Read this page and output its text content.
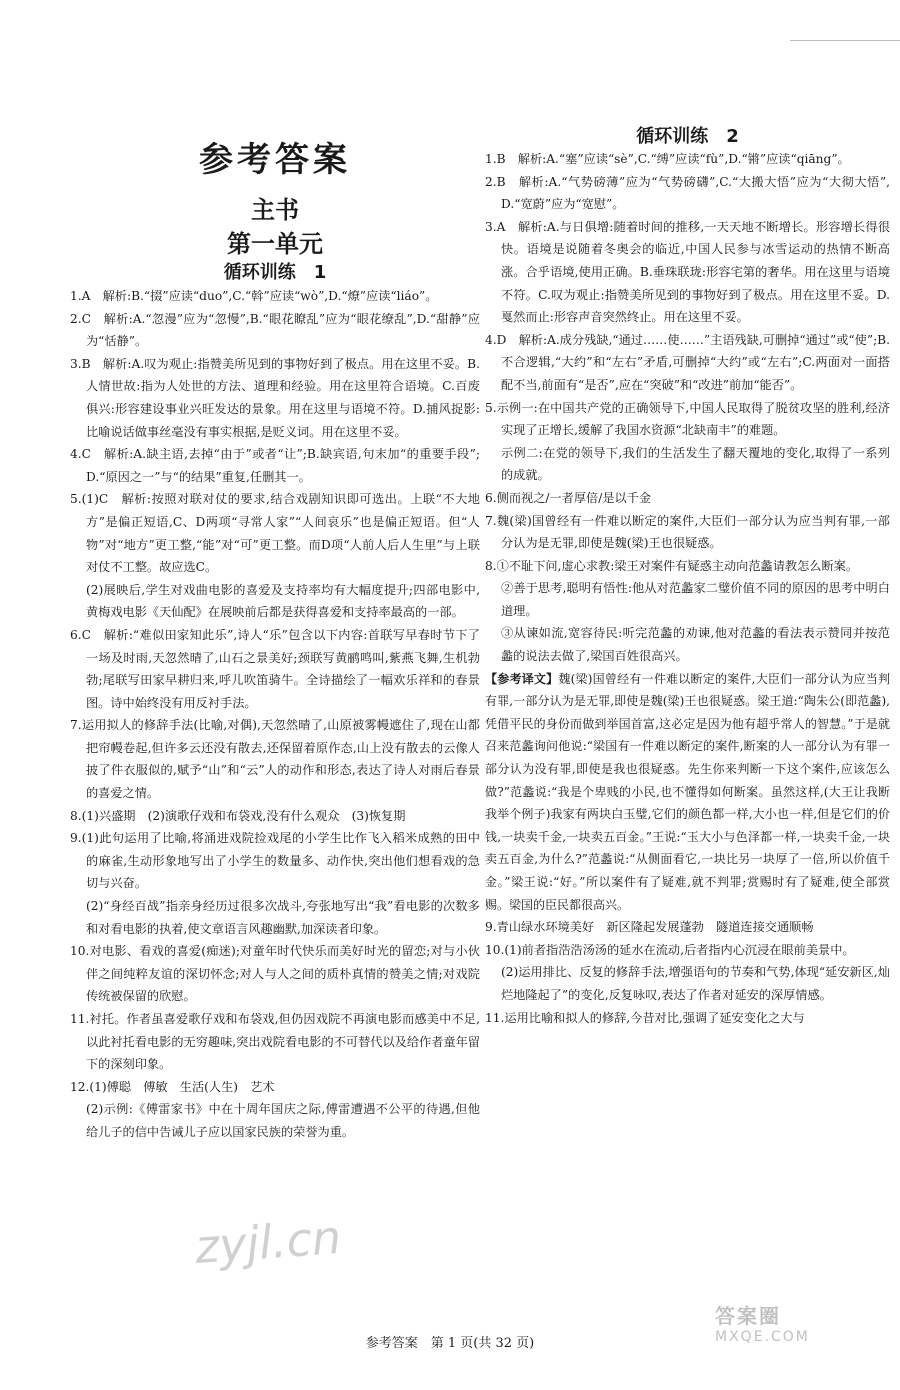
参考答案
主书
第一单元
循环训练　1
循环训练　2

1.A　解析:B.“掇”应读“duo”,C.“斡”应读“wò”,D.“燎”应读“liáo”。

2.C　解析:A.“忽漫”应为“忽慢”,B.“眼花瞭乱”应为“眼花缭乱”,D.“甜静”应为“恬静”。

3.B　解析:A.叹为观止:指赞美所见到的事物好到了极点。用在这里不妥。B.人情世故:指为人处世的方法、道理和经验。用在这里符合语境。C.百废俱兴:形容建设事业兴旺发达的景象。用在这里与语境不符。D.捕风捉影:比喻说话做事丝毫没有事实根据,是贬义词。用在这里不妥。

4.C　解析:A.缺主语,去掉“由于”或者“让”;B.缺宾语,句末加“的重要手段”;D.“原因之一”与“的结果”重复,任删其一。

5.(1)C　解析:按照对联对仗的要求,结合戏剧知识即可选出。上联“不大地方”是偏正短语,C、D两项“寻常人家”“人间哀乐”也是偏正短语。但“人物”对“地方”更工整,“能”对“可”更工整。而D项“人前人后人生里”与上联对仗不工整。故应选C。

(2)展映后,学生对戏曲电影的喜爱及支持率均有大幅度提升;四部电影中,黄梅戏电影《天仙配》在展映前后都是获得喜爱和支持率最高的一部。

6.C　解析:“难似田家知此乐”,诗人“乐”包含以下内容:首联写早春时节下了一场及时雨,天忽然晴了,山石之景美好;颈联写黄鹂鸣叫,紫燕飞舞,生机勃勃;尾联写田家早耕归来,呼儿吹笛骑牛。全诗描绘了一幅欢乐祥和的春景图。诗中始终没有用反衬手法。

7.运用拟人的修辞手法(比喻,对偶),天忽然晴了,山原被雾幔遮住了,现在山都把帘幔卷起,但许多云还没有散去,还保留着原作态,山上没有散去的云像人披了件衣服似的,赋予“山”和“云”人的动作和形态,表达了诗人对雨后春景的喜爱之情。

8.(1)兴盛期　(2)演歌仔戏和布袋戏,没有什么观众　(3)恢复期

9.(1)此句运用了比喻,将涌进戏院捡戏尾的小学生比作飞入稻米成熟的田中的麻雀,生动形象地写出了小学生的数量多、动作快,突出他们想看戏的急切与兴奋。

(2)“身经百战”指亲身经历过很多次战斗,夸张地写出“我”看电影的次数多和对看电影的执着,使文章语言风趣幽默,加深读者印象。

10.对电影、看戏的喜爱(痴迷);对童年时代快乐而美好时光的留恋;对与小伙伴之间纯粹友谊的深切怀念;对人与人之间的质朴真情的赞美之情;对戏院传统被保留的欣慰。

11.衬托。作者虽喜爱歌仔戏和布袋戏,但仍因戏院不再演电影而感美中不足,以此衬托看电影的无穷趣味,突出戏院看电影的不可替代以及给作者童年留下的深刻印象。

12.(1)傅聪　傅敏　生活(人生)　艺术

(2)示例:《傅雷家书》中在十周年国庆之际,傅雷遭遇不公平的待遇,但他给儿子的信中告诫儿子应以国家民族的荣誉为重。

1.B　解析:A.“塞”应读“sè”,C.“缚”应读“fù”,D.“锵”应读“qiāng”。

2.B　解析:A.“气势磅薄”应为“气势磅礴”,C.“大搬大悟”应为“大彻大悟”,D.“宽蔚”应为“宽慰”。

3.A　解析:A.与日俱增:随着时间的推移,一天天地不断增长。形容增长得很快。语境是说随着冬奥会的临近,中国人民参与冰雪运动的热情不断高涨。合乎语境,使用正确。B.垂珠联珑:形容宅第的奢华。用在这里与语境不符。C.叹为观止:指赞美所见到的事物好到了极点。用在这里不妥。D.戛然而止:形容声音突然终止。用在这里不妥。

4.D　解析:A.成分残缺,“通过……使……”主语残缺,可删掉“通过”或“使”;B.不合逻辑,“大约”和“左右”矛盾,可删掉“大约”或“左右”;C.两面对一面搭配不当,前面有“是否”,应在“突破”和“改进”前加“能否”。

5.示例一:在中国共产党的正确领导下,中国人民取得了脱贫攻坚的胜利,经济实现了正增长,缓解了我国水资源“北缺南丰”的难题。

示例二:在党的领导下,我们的生活发生了翻天覆地的变化,取得了一系列的成就。

6.侧而视之/一者厚倍/是以千金

7.魏(梁)国曾经有一件难以断定的案件,大臣们一部分认为应当判有罪,一部分认为是无罪,即使是魏(梁)王也很疑惑。

8.①不耻下问,虚心求教:梁王对案件有疑惑主动向范蠡请教怎么断案。

②善于思考,聪明有悟性:他从对范蠡家二璧价值不同的原因的思考中明白道理。

③从谏如流,宽容待民:听完范蠡的劝谏,他对范蠡的看法表示赞同并按范蠡的说法去做了,梁国百姓很高兴。

【参考译文】魏(梁)国曾经有一件难以断定的案件,大臣们一部分认为应当判有罪,一部分认为是无罪,即使是魏(梁)王也很疑惑。梁王道:“陶朱公(即范蠡),凭借平民的身份而做到举国首富,这必定是因为他有超乎常人的智慧。”于是就召来范蠡询问他说:“梁国有一件难以断定的案件,断案的人一部分认为有罪一部分认为没有罪,即使是我也很疑惑。先生你来判断一下这个案件,应该怎么做?”范蠡说:“我是个卑贱的小民,也不懂得如何断案。虽然这样,(大王让我断我举个例子)我家有两块白玉璧,它们的颜色都一样,大小也一样,但是它们的价钱,一块卖千金,一块卖五百金。”王说:“玉大小与色泽都一样,一块卖千金,一块卖五百金,为什么?”范蠡说:“从侧面看它,一块比另一块厚了一倍,所以价值千金。”梁王说:“好。”所以案件有了疑难,就不判罪;赏赐时有了疑难,使全部赏赐。梁国的臣民都很高兴。

9.青山绿水环境美好　新区隆起发展蓬勃　隧道连接交通顺畅

10.(1)前者指浩浩汤汤的延水在流动,后者指内心沉浸在眼前美景中。

(2)运用排比、反复的修辞手法,增强语句的节奏和气势,体现“延安新区,灿烂地隆起了”的变化,反复咏叹,表达了作者对延安的深厚情感。

11.运用比喻和拟人的修辞,今昔对比,强调了延安变化之大与

zyjl.cn
答案圈
MXQE.COM
参考答案　第 1 页(共 32 页)
